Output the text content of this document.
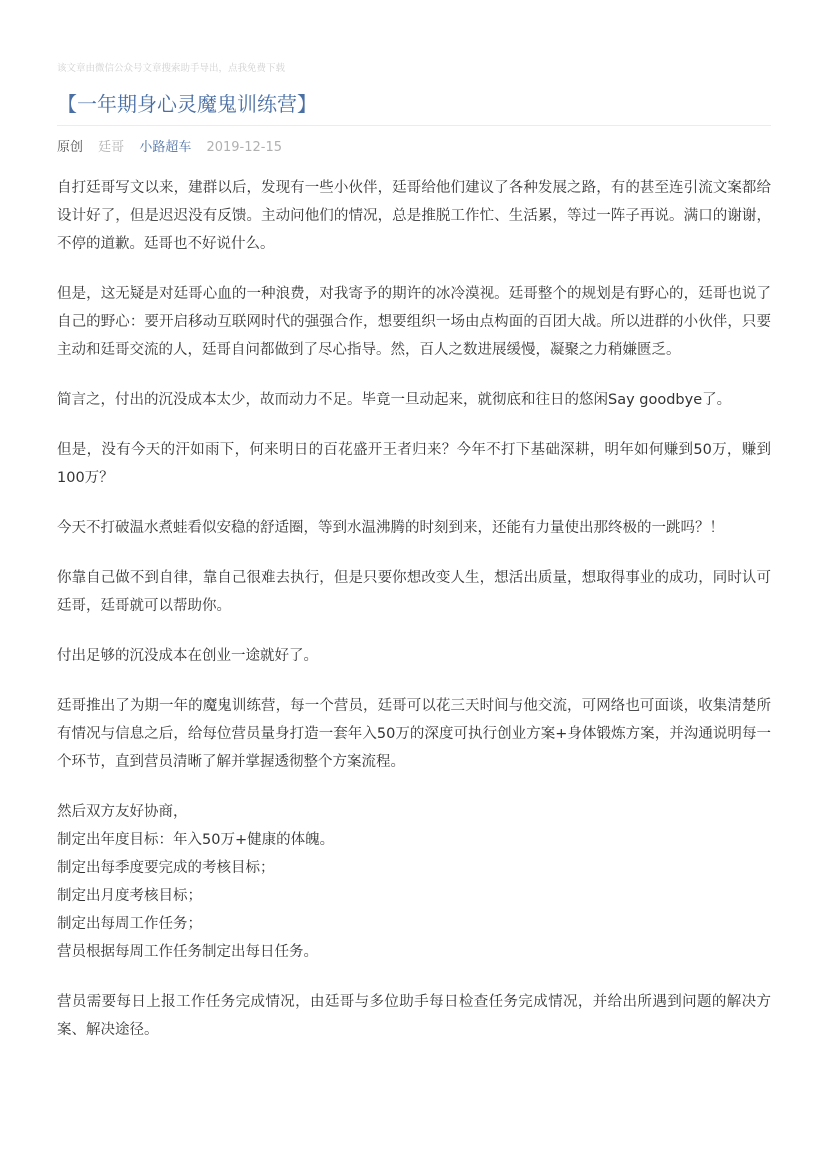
该文章由微信公众号文章搜索助手导出，点我免费下载
【一年期身心灵魔鬼训练营】
原创 廷哥 小路超车 2019-12-15

自打廷哥写文以来，建群以后，发现有一些小伙伴，廷哥给他们建议了各种发展之路，有的甚至连引流文案都给设计好了，但是迟迟没有反馈。主动问他们的情况，总是推脱工作忙、生活累，等过一阵子再说。满口的谢谢，不停的道歉。廷哥也不好说什么。

但是，这无疑是对廷哥心血的一种浪费，对我寄予的期许的冰冷漠视。廷哥整个的规划是有野心的，廷哥也说了自己的野心：要开启移动互联网时代的强强合作，想要组织一场由点构面的百团大战。所以进群的小伙伴，只要主动和廷哥交流的人，廷哥自问都做到了尽心指导。然，百人之数进展缓慢，凝聚之力稍嫌匮乏。

简言之，付出的沉没成本太少，故而动力不足。毕竟一旦动起来，就彻底和往日的悠闲Say goodbye了。

但是，没有今天的汗如雨下，何来明日的百花盛开王者归来？今年不打下基础深耕，明年如何赚到50万，赚到100万？

今天不打破温水煮蛙看似安稳的舒适圈，等到水温沸腾的时刻到来，还能有力量使出那终极的一跳吗？！

你靠自己做不到自律，靠自己很难去执行，但是只要你想改变人生，想活出质量，想取得事业的成功，同时认可廷哥，廷哥就可以帮助你。

付出足够的沉没成本在创业一途就好了。

廷哥推出了为期一年的魔鬼训练营，每一个营员，廷哥可以花三天时间与他交流，可网络也可面谈，收集清楚所有情况与信息之后，给每位营员量身打造一套年入50万的深度可执行创业方案+身体锻炼方案，并沟通说明每一个环节，直到营员清晰了解并掌握透彻整个方案流程。

然后双方友好协商，

制定出年度目标：年入50万+健康的体魄。

制定出每季度要完成的考核目标；

制定出月度考核目标；

制定出每周工作任务；

营员根据每周工作任务制定出每日任务。

营员需要每日上报工作任务完成情况，由廷哥与多位助手每日检查任务完成情况，并给出所遇到问题的解决方案、解决途径。
